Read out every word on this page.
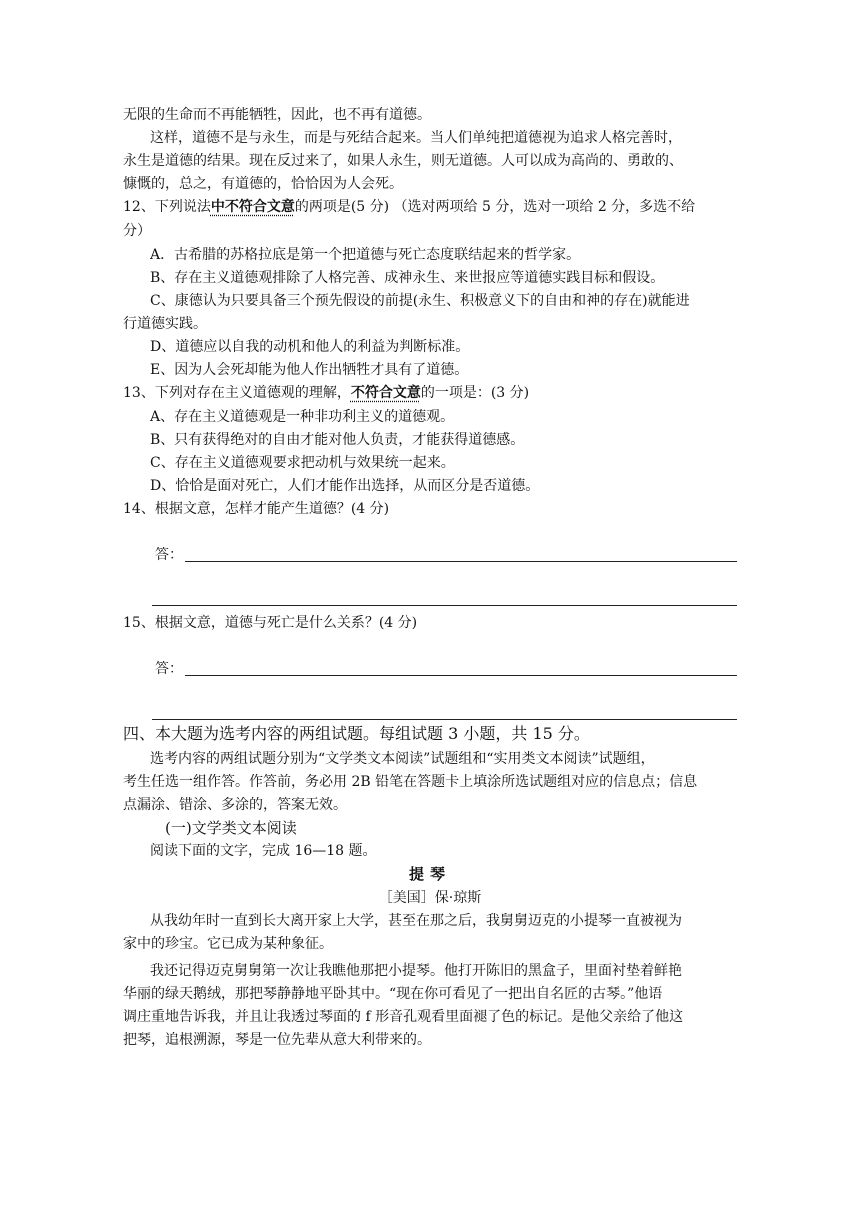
无限的生命而不再能牺牲，因此，也不再有道德。
这样，道德不是与永生，而是与死结合起来。当人们单纯把道德视为追求人格完善时，
永生是道德的结果。现在反过来了，如果人永生，则无道德。人可以成为高尚的、勇敢的、
慷慨的，总之，有道德的，恰恰因为人会死。
12、下列说法中不符合文意的两项是(5 分) （选对两项给 5 分，选对一项给 2 分，多选不给
分）
A．古希腊的苏格拉底是第一个把道德与死亡态度联结起来的哲学家。
B、存在主义道德观排除了人格完善、成神永生、来世报应等道德实践目标和假设。
C、康德认为只要具备三个预先假设的前提(永生、积极意义下的自由和神的存在)就能进
行道德实践。
D、道德应以自我的动机和他人的利益为判断标准。
E、因为人会死却能为他人作出牺牲才具有了道德。
13、下列对存在主义道德观的理解，不符合文意的一项是：(3 分)
A、存在主义道德观是一种非功利主义的道德观。
B、只有获得绝对的自由才能对他人负责，才能获得道德感。
C、存在主义道德观要求把动机与效果统一起来。
D、恰恰是面对死亡，人们才能作出选择，从而区分是否道德。
14、根据文意，怎样才能产生道德？(4 分)
答：
15、根据文意，道德与死亡是什么关系？(4 分)
答：
四、本大题为选考内容的两组试题。每组试题 3 小题，共 15 分。
选考内容的两组试题分别为“文学类文本阅读”试题组和“实用类文本阅读”试题组，
考生任选一组作答。作答前，务必用 2B 铅笔在答题卡上填涂所选试题组对应的信息点；信息
点漏涂、错涂、多涂的，答案无效。
(一)文学类文本阅读
阅读下面的文字，完成 16—18 题。
提琴
［美国］保·琼斯
从我幼年时一直到长大离开家上大学，甚至在那之后，我舅舅迈克的小提琴一直被视为
家中的珍宝。它已成为某种象征。
我还记得迈克舅舅第一次让我瞧他那把小提琴。他打开陈旧的黑盒子，里面衬垫着鲜艳
华丽的绿天鹅绒，那把琴静静地平卧其中。“现在你可看见了一把出自名匠的古琴。”他语
调庄重地告诉我，并且让我透过琴面的 f 形音孔观看里面褪了色的标记。是他父亲给了他这
把琴，追根溯源，琴是一位先辈从意大利带来的。
